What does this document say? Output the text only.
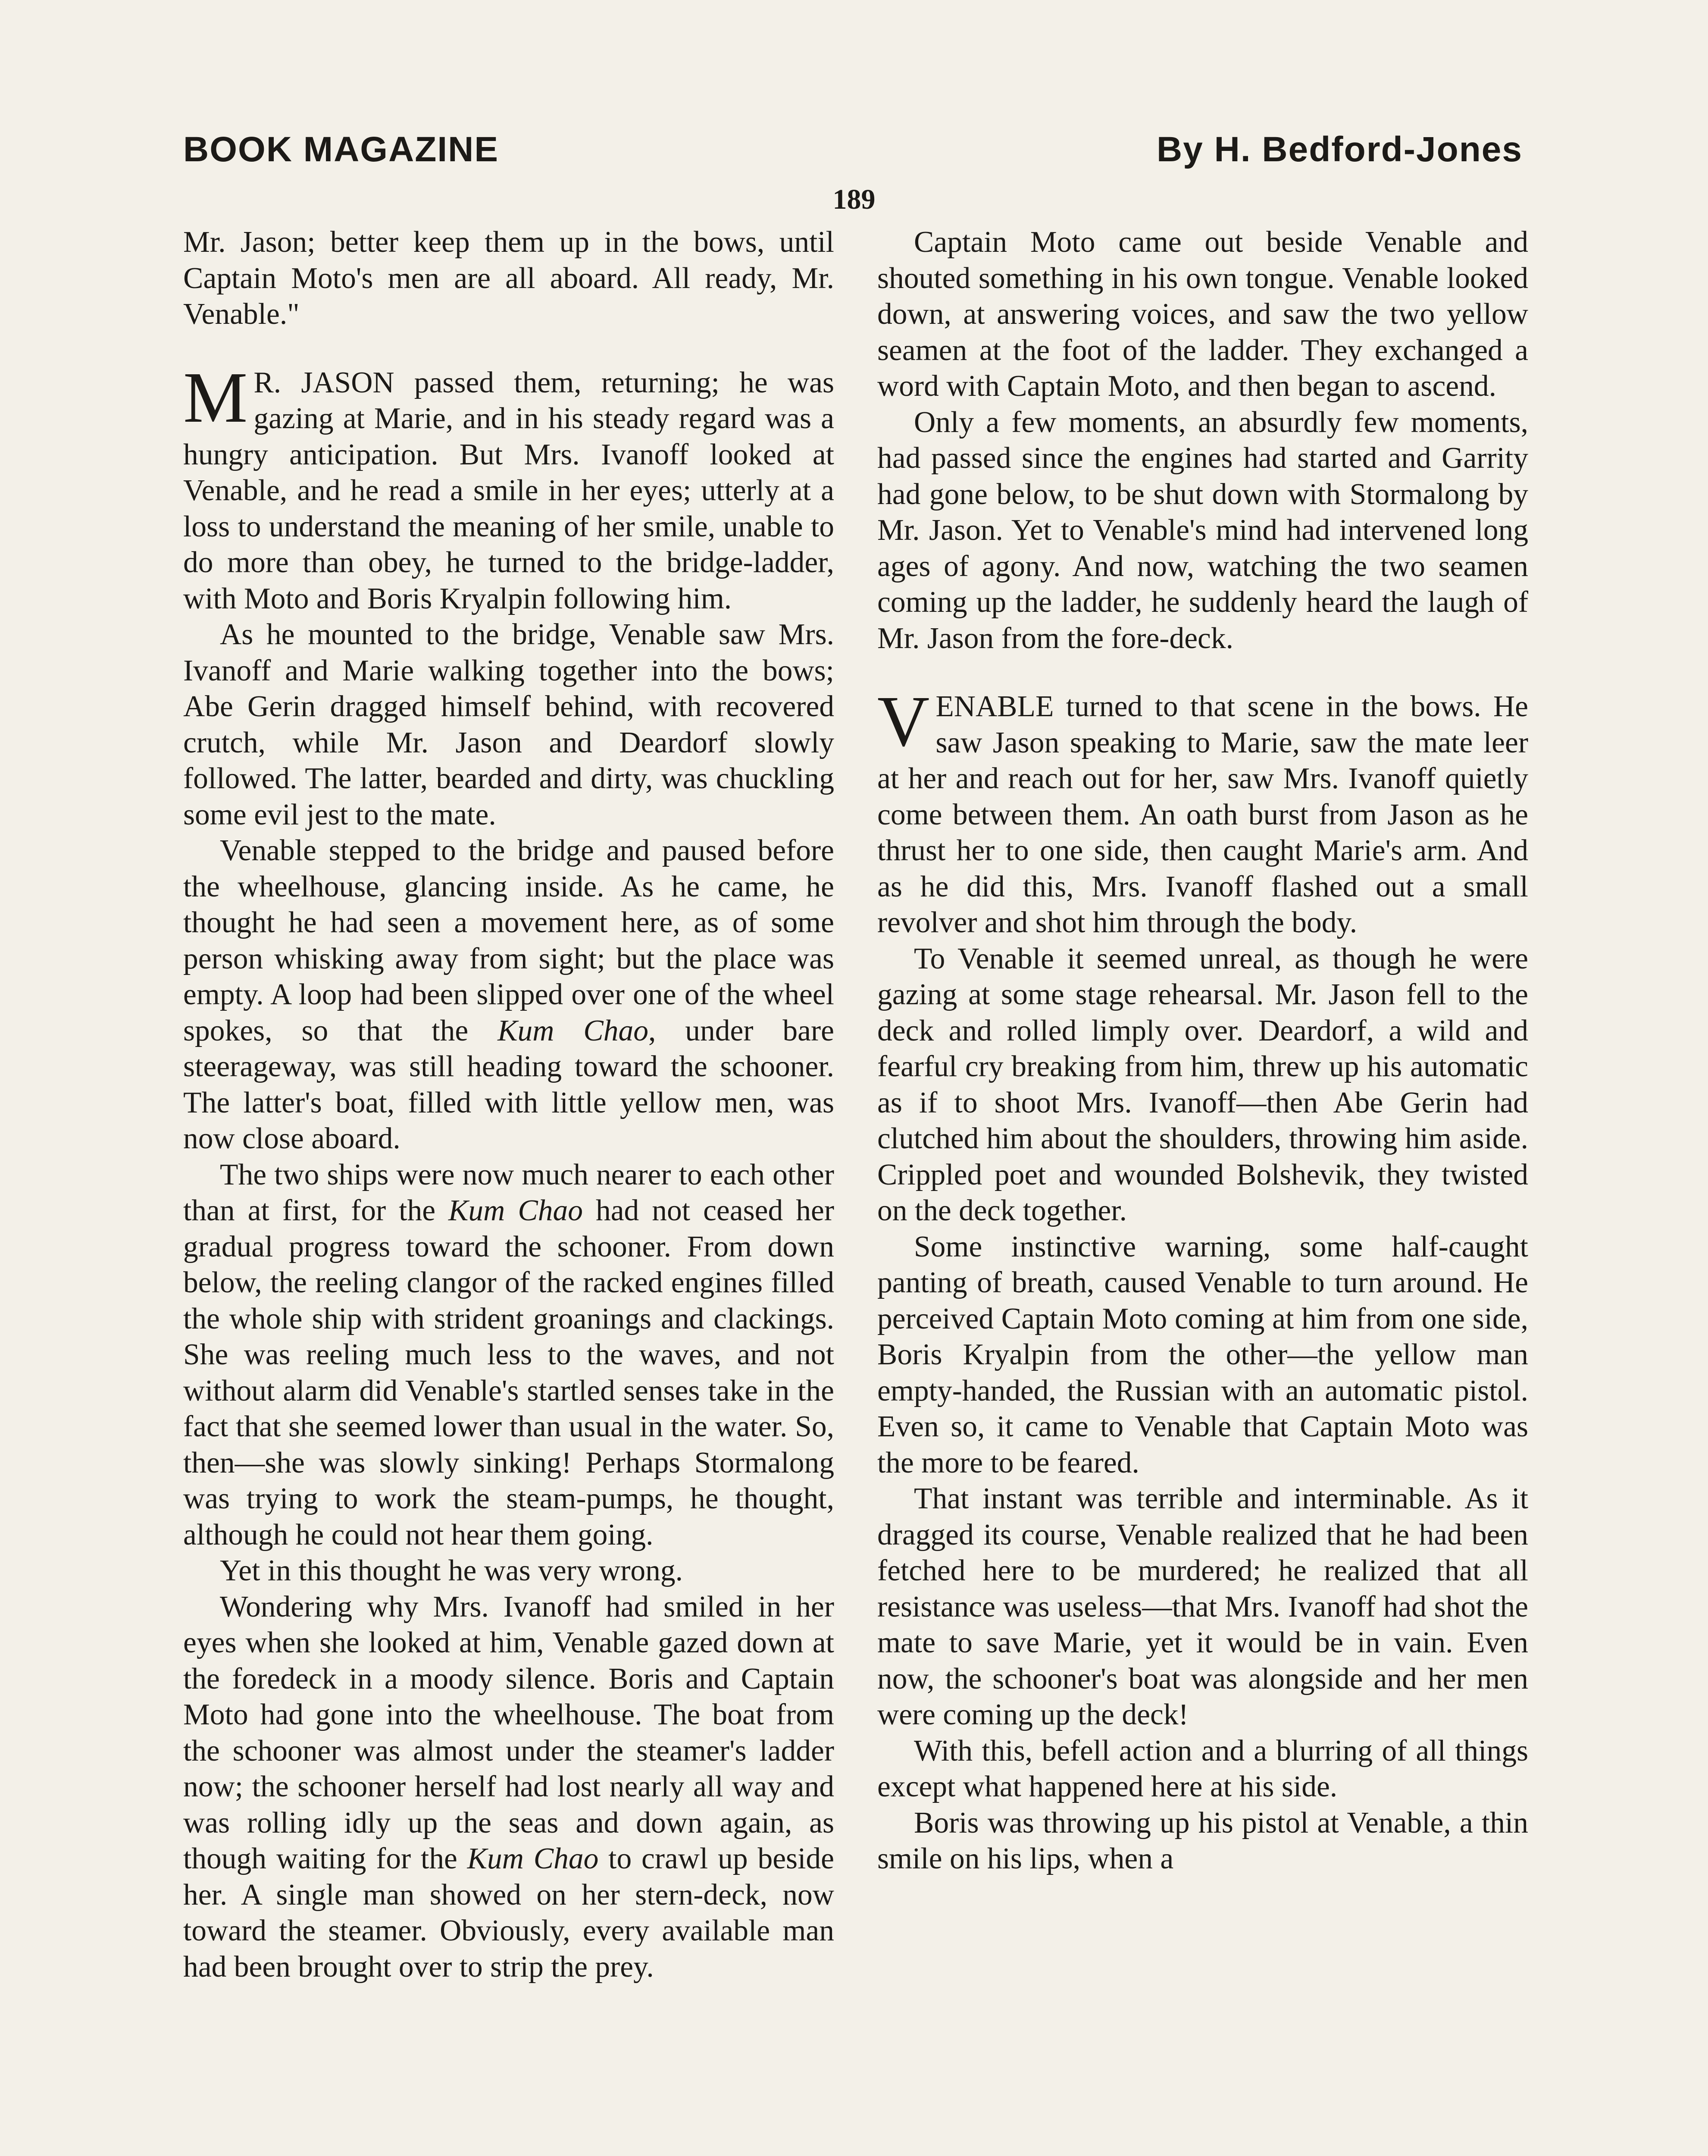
BOOK MAGAZINE	By H. Bedford-Jones
189

Mr. Jason; better keep them up in the bows, until Captain Moto's men are all aboard. All ready, Mr. Venable."

MR. JASON passed them, returning; he was gazing at Marie, and in his steady regard was a hungry anticipation. But Mrs. Ivanoff looked at Venable, and he read a smile in her eyes; utterly at a loss to understand the meaning of her smile, unable to do more than obey, he turned to the bridge-ladder, with Moto and Boris Kryalpin following him.

As he mounted to the bridge, Venable saw Mrs. Ivanoff and Marie walking together into the bows; Abe Gerin dragged himself behind, with recovered crutch, while Mr. Jason and Deardorf slowly followed. The latter, bearded and dirty, was chuckling some evil jest to the mate.

Venable stepped to the bridge and paused before the wheelhouse, glancing inside. As he came, he thought he had seen a movement here, as of some person whisking away from sight; but the place was empty. A loop had been slipped over one of the wheel spokes, so that the Kum Chao, under bare steerageway, was still heading toward the schooner. The latter's boat, filled with little yellow men, was now close aboard.

The two ships were now much nearer to each other than at first, for the Kum Chao had not ceased her gradual progress toward the schooner. From down below, the reeling clangor of the racked engines filled the whole ship with strident groanings and clackings. She was reeling much less to the waves, and not without alarm did Venable's startled senses take in the fact that she seemed lower than usual in the water. So, then—she was slowly sinking! Perhaps Stormalong was trying to work the steam-pumps, he thought, although he could not hear them going.

Yet in this thought he was very wrong.

Wondering why Mrs. Ivanoff had smiled in her eyes when she looked at him, Venable gazed down at the foredeck in a moody silence. Boris and Captain Moto had gone into the wheelhouse. The boat from the schooner was almost under the steamer's ladder now; the schooner herself had lost nearly all way and was rolling idly up the seas and down again, as though waiting for the Kum Chao to crawl up beside her. A single man showed on her stern-deck, now toward the steamer. Obviously, every available man had been brought over to strip the prey.

Captain Moto came out beside Venable and shouted something in his own tongue. Venable looked down, at answering voices, and saw the two yellow seamen at the foot of the ladder. They exchanged a word with Captain Moto, and then began to ascend.

Only a few moments, an absurdly few moments, had passed since the engines had started and Garrity had gone below, to be shut down with Stormalong by Mr. Jason. Yet to Venable's mind had intervened long ages of agony. And now, watching the two seamen coming up the ladder, he suddenly heard the laugh of Mr. Jason from the fore-deck.

VENABLE turned to that scene in the bows. He saw Jason speaking to Marie, saw the mate leer at her and reach out for her, saw Mrs. Ivanoff quietly come between them. An oath burst from Jason as he thrust her to one side, then caught Marie's arm. And as he did this, Mrs. Ivanoff flashed out a small revolver and shot him through the body.

To Venable it seemed unreal, as though he were gazing at some stage rehearsal. Mr. Jason fell to the deck and rolled limply over. Deardorf, a wild and fearful cry breaking from him, threw up his automatic as if to shoot Mrs. Ivanoff—then Abe Gerin had clutched him about the shoulders, throwing him aside. Crippled poet and wounded Bolshevik, they twisted on the deck together.

Some instinctive warning, some half-caught panting of breath, caused Venable to turn around. He perceived Captain Moto coming at him from one side, Boris Kryalpin from the other—the yellow man empty-handed, the Russian with an automatic pistol. Even so, it came to Venable that Captain Moto was the more to be feared.

That instant was terrible and interminable. As it dragged its course, Venable realized that he had been fetched here to be murdered; he realized that all resistance was useless—that Mrs. Ivanoff had shot the mate to save Marie, yet it would be in vain. Even now, the schooner's boat was alongside and her men were coming up the deck!

With this, befell action and a blurring of all things except what happened here at his side.

Boris was throwing up his pistol at Venable, a thin smile on his lips, when a
